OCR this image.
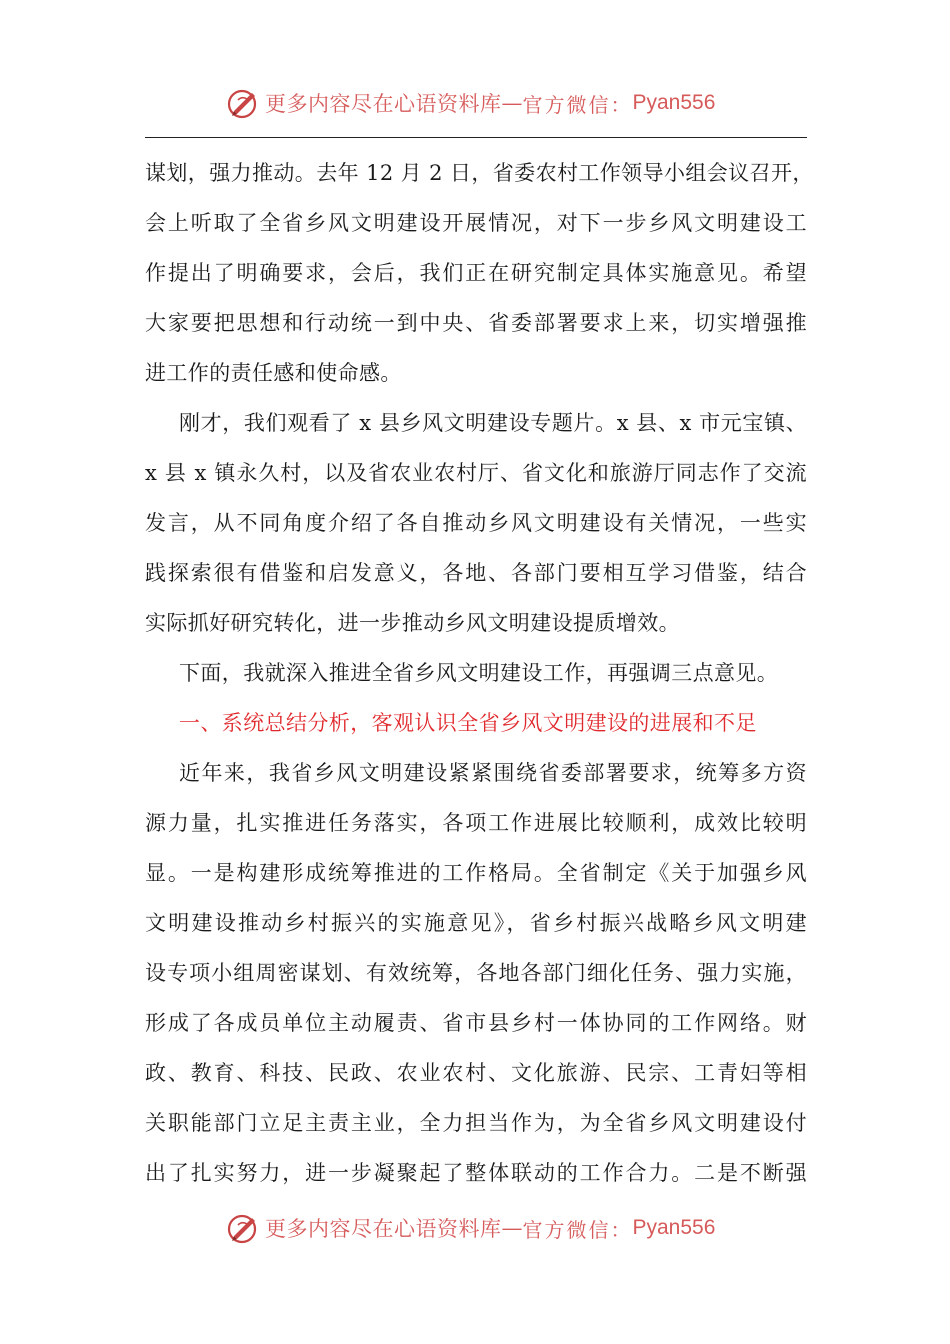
更多内容尽在心语资料库 — 官方微信： Pyan556
谋划，强力推动。去年 12 月 2 日，省委农村工作领导小组会议召开，
会上听取了全省乡风文明建设开展情况，对下一步乡风文明建设工
作提出了明确要求，会后，我们正在研究制定具体实施意见。希望
大家要把思想和行动统一到中央、省委部署要求上来，切实增强推
进工作的责任感和使命感。
刚才，我们观看了 x 县乡风文明建设专题片。x 县、x 市元宝镇、
x 县 x 镇永久村，以及省农业农村厅、省文化和旅游厅同志作了交流
发言，从不同角度介绍了各自推动乡风文明建设有关情况，一些实
践探索很有借鉴和启发意义，各地、各部门要相互学习借鉴，结合
实际抓好研究转化，进一步推动乡风文明建设提质增效。
下面，我就深入推进全省乡风文明建设工作，再强调三点意见。
一、系统总结分析，客观认识全省乡风文明建设的进展和不足
近年来，我省乡风文明建设紧紧围绕省委部署要求，统筹多方资
源力量，扎实推进任务落实，各项工作进展比较顺利，成效比较明
显。一是构建形成统筹推进的工作格局。全省制定《关于加强乡风
文明建设推动乡村振兴的实施意见》，省乡村振兴战略乡风文明建
设专项小组周密谋划、有效统筹，各地各部门细化任务、强力实施，
形成了各成员单位主动履责、省市县乡村一体协同的工作网络。财
政、教育、科技、民政、农业农村、文化旅游、民宗、工青妇等相
关职能部门立足主责主业，全力担当作为，为全省乡风文明建设付
出了扎实努力，进一步凝聚起了整体联动的工作合力。二是不断强
更多内容尽在心语资料库 — 官方微信： Pyan556
